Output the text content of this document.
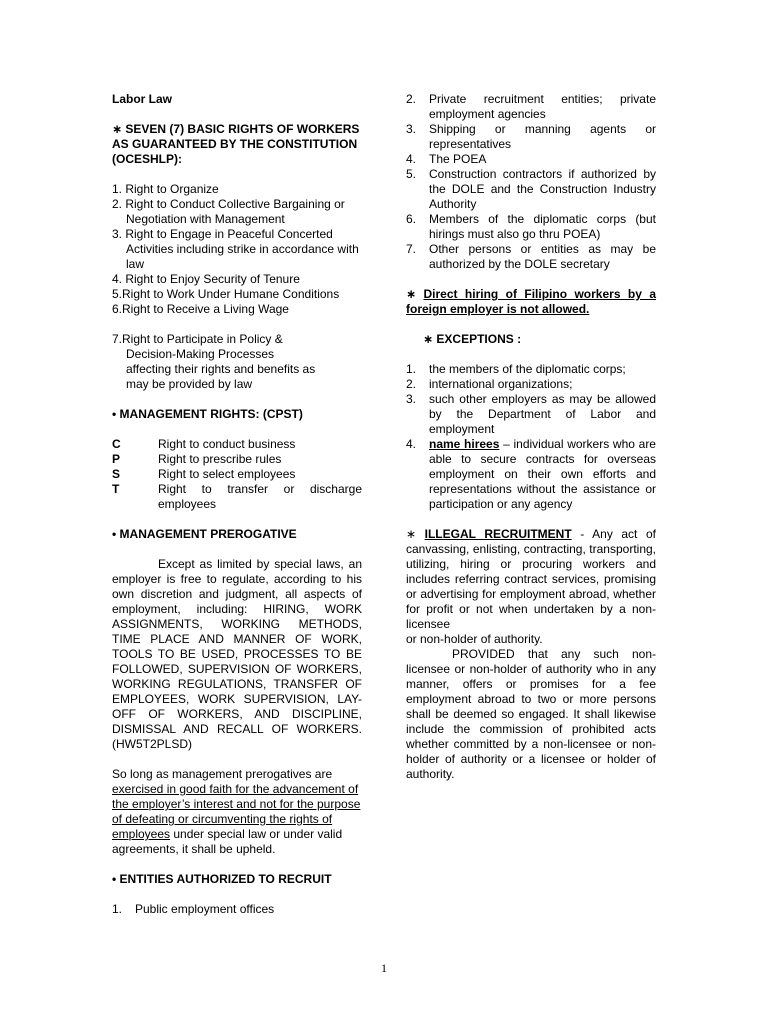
Labor Law

∗ SEVEN (7) BASIC RIGHTS OF WORKERS AS GUARANTEED BY THE CONSTITUTION (OCESHLP):

1. Right to Organize

2. Right to Conduct Collective Bargaining or Negotiation with Management

3. Right to Engage in Peaceful Concerted Activities including strike in accordance with law

4. Right to Enjoy Security of Tenure

5.Right to Work Under Humane Conditions

6.Right to Receive a Living Wage

7.Right to Participate in Policy & Decision-Making Processes affecting their rights and benefits as may be provided by law

• MANAGEMENT RIGHTS: (CPST)

C	Right to conduct business
P	Right to prescribe rules
S	Right to select employees
T	Right to transfer or discharge employees

• MANAGEMENT PREROGATIVE

Except as limited by special laws, an employer is free to regulate, according to his own discretion and judgment, all aspects of employment, including: HIRING, WORK ASSIGNMENTS, WORKING METHODS, TIME PLACE AND MANNER OF WORK, TOOLS TO BE USED, PROCESSES TO BE FOLLOWED, SUPERVISION OF WORKERS, WORKING REGULATIONS, TRANSFER OF EMPLOYEES, WORK SUPERVISION, LAY-OFF OF WORKERS, AND DISCIPLINE, DISMISSAL AND RECALL OF WORKERS. (HW5T2PLSD)

So long as management prerogatives are exercised in good faith for the advancement of the employer’s interest and not for the purpose of defeating or circumventing the rights of employees under special law or under valid agreements, it shall be upheld.

• ENTITIES AUTHORIZED TO RECRUIT

1.	Public employment offices
2.	Private recruitment entities; private employment agencies
3.	Shipping or manning agents or representatives
4.	The POEA
5.	Construction contractors if authorized by the DOLE and the Construction Industry Authority
6.	Members of the diplomatic corps (but hirings must also go thru POEA)
7.	Other persons or entities as may be authorized by the DOLE secretary

∗ Direct hiring of Filipino workers by a foreign employer is not allowed.

∗ EXCEPTIONS :

1.	the members of the diplomatic corps;
2.	international organizations;
3.	such other employers as may be allowed by the Department of Labor and employment
4.	name hirees – individual workers who are able to secure contracts for overseas employment on their own efforts and representations without the assistance or participation or any agency

∗ ILLEGAL RECRUITMENT - Any act of canvassing, enlisting, contracting, transporting, utilizing, hiring or procuring workers and includes referring contract services, promising or advertising for employment abroad, whether for profit or not when undertaken by a non-licensee

or non-holder of authority.

PROVIDED that any such non-licensee or non-holder of authority who in any manner, offers or promises for a fee employment abroad to two or more persons shall be deemed so engaged. It shall likewise include the commission of prohibited acts whether committed by a non-licensee or non-holder of authority or a licensee or holder of authority.

1
